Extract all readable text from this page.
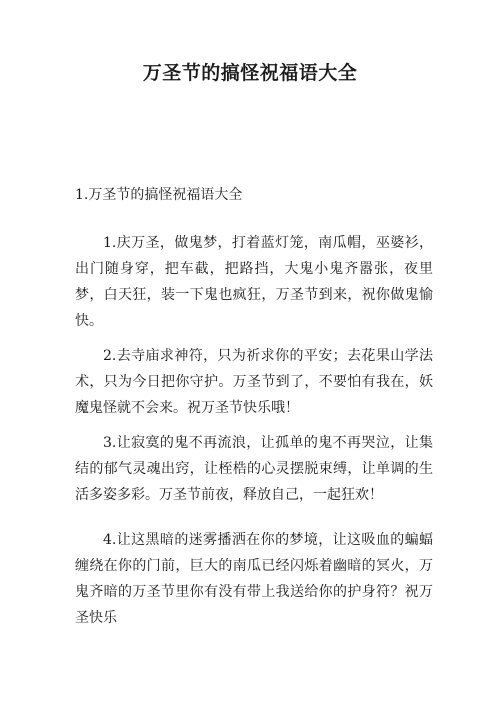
万圣节的搞怪祝福语大全

1.万圣节的搞怪祝福语大全

1.庆万圣，做鬼梦，打着蓝灯笼，南瓜帽，巫婆衫，出门随身穿，把车截，把路挡，大鬼小鬼齐嚣张，夜里梦，白天狂，装一下鬼也疯狂，万圣节到来，祝你做鬼愉快。

2.去寺庙求神符，只为祈求你的平安；去花果山学法术，只为今日把你守护。万圣节到了，不要怕有我在，妖魔鬼怪就不会来。祝万圣节快乐哦！

3.让寂寞的鬼不再流浪，让孤单的鬼不再哭泣，让集结的郁气灵魂出窍，让桎梏的心灵摆脱束缚，让单调的生活多姿多彩。万圣节前夜，释放自己，一起狂欢！

4.让这黑暗的迷雾播洒在你的梦境，让这吸血的蝙蝠缠绕在你的门前，巨大的南瓜已经闪烁着幽暗的冥火，万鬼齐暗的万圣节里你有没有带上我送给你的护身符？祝万圣快乐
